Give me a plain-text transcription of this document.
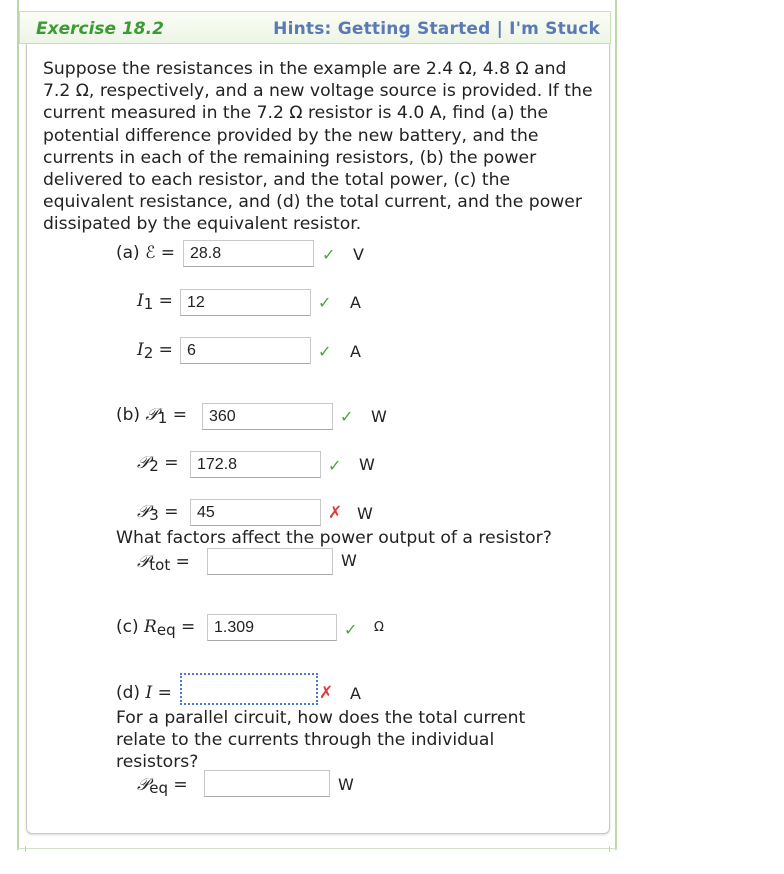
Exercise 18.2	Hints: Getting Started | I'm Stuck
Suppose the resistances in the example are 2.4 Ω, 4.8 Ω and 7.2 Ω, respectively, and a new voltage source is provided. If the current measured in the 7.2 Ω resistor is 4.0 A, find (a) the potential difference provided by the new battery, and the currents in each of the remaining resistors, (b) the power delivered to each resistor, and the total power, (c) the equivalent resistance, and (d) the total current, and the power dissipated by the equivalent resistor.
(a) ℰ =
28.8	✓ V
I1 =
12	✓ A
I2 =
6	✓ A
(b) 𝒫1 =
360	✓ W
𝒫2 =
172.8	✓ W
𝒫3 =
45	✗ W
What factors affect the power output of a resistor?
𝒫tot =	W
(c) Req =
1.309	✓ Ω
(d) I =	✗ A
For a parallel circuit, how does the total current relate to the currents through the individual resistors?
𝒫eq =	W
